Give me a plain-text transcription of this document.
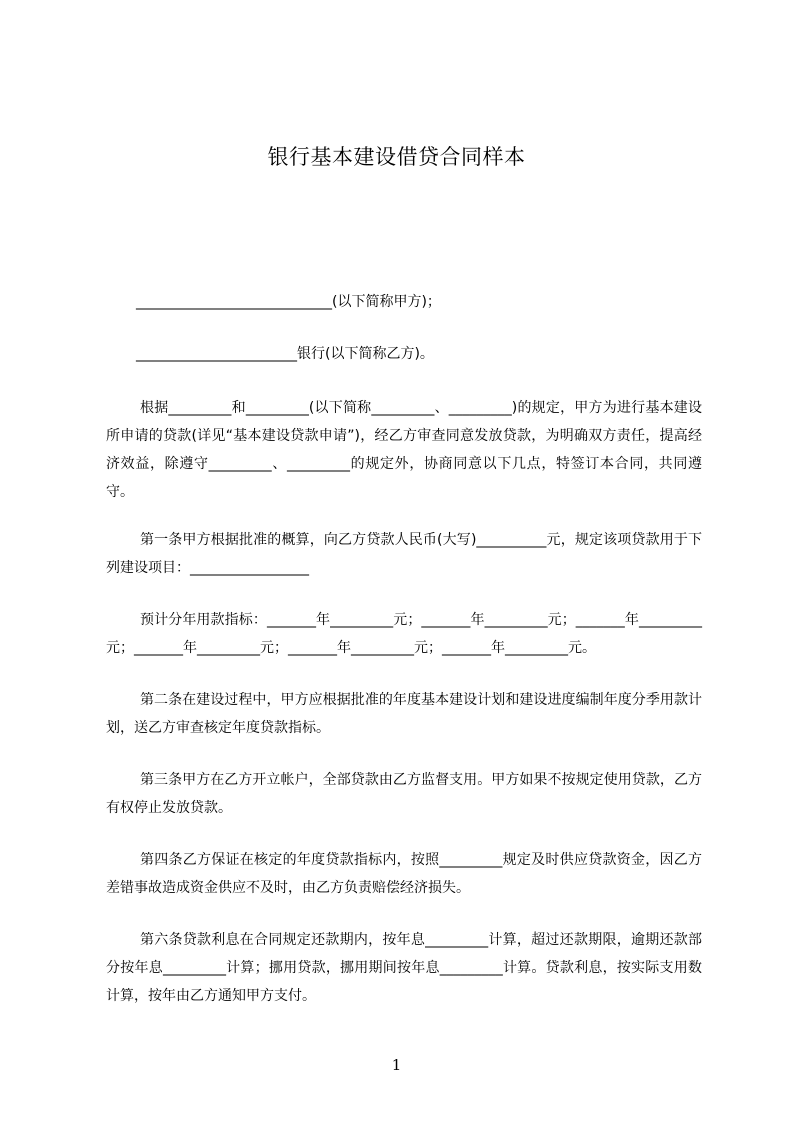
银行基本建设借贷合同样本
____________________________(以下简称甲方)；
_______________________银行(以下简称乙方)。
根据_________和_________(以下简称_________、_________)的规定，甲方为进行基本建设所申请的贷款(详见“基本建设贷款申请”)，经乙方审查同意发放贷款，为明确双方责任，提高经济效益，除遵守_________、_________的规定外，协商同意以下几点，特签订本合同，共同遵守。
第一条甲方根据批准的概算，向乙方贷款人民币(大写)__________元，规定该项贷款用于下列建设项目：_________________
预计分年用款指标：_______年_________元；_______年_________元；_______年_________元；_______年_________元；_______年_________元；_______年_________元。
第二条在建设过程中，甲方应根据批准的年度基本建设计划和建设进度编制年度分季用款计划，送乙方审查核定年度贷款指标。
第三条甲方在乙方开立帐户，全部贷款由乙方监督支用。甲方如果不按规定使用贷款，乙方有权停止发放贷款。
第四条乙方保证在核定的年度贷款指标内，按照_________规定及时供应贷款资金，因乙方差错事故造成资金供应不及时，由乙方负责赔偿经济损失。
第六条贷款利息在合同规定还款期内，按年息_________计算，超过还款期限，逾期还款部分按年息_________计算；挪用贷款，挪用期间按年息_________计算。贷款利息，按实际支用数计算，按年由乙方通知甲方支付。
1
